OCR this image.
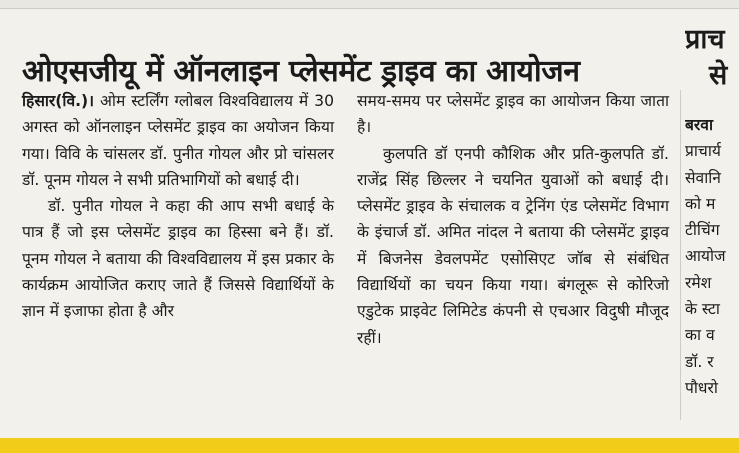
ओएसजीयू में ऑनलाइन प्लेसमेंट ड्राइव का आयोजन

हिसार(वि.)। ओम स्टर्लिंग ग्लोबल विश्वविद्यालय में 30 अगस्त को ऑनलाइन प्लेसमेंट ड्राइव का अयोजन किया गया। विवि के चांसलर डॉ. पुनीत गोयल और प्रो चांसलर डॉ. पूनम गोयल ने सभी प्रतिभागियों को बधाई दी।

डॉ. पुनीत गोयल ने कहा की आप सभी बधाई के पात्र हैं जो इस प्लेसमेंट ड्राइव का हिस्सा बने हैं। डॉ. पूनम गोयल ने बताया की विश्वविद्यालय में इस प्रकार के कार्यक्रम आयोजित कराए जाते हैं जिससे विद्यार्थियों के ज्ञान में इजाफा होता है और

समय-समय पर प्लेसमेंट ड्राइव का आयोजन किया जाता है।

कुलपति डॉ एनपी कौशिक और प्रति-कुलपति डॉ. राजेंद्र सिंह छिल्लर ने चयनित युवाओं को बधाई दी। प्लेसमेंट ड्राइव के संचालक व ट्रेनिंग एंड प्लेसमेंट विभाग के इंचार्ज डॉ. अमित नांदल ने बताया की प्लेसमेंट ड्राइव में बिजनेस डेवलपमेंट एसोसिएट जॉब से संबंधित विद्यार्थियों का चयन किया गया। बंगलूरू से कोरिजो एडुटेक प्राइवेट लिमिटेड कंपनी से एचआर विदुषी मौजूद रहीं।

प्राच
से
बरवा
प्राचार्य
सेवानि
को म
टीचिंग
आयोज
रमेश
के स्टा
का व
डॉ. र
पौधरो
